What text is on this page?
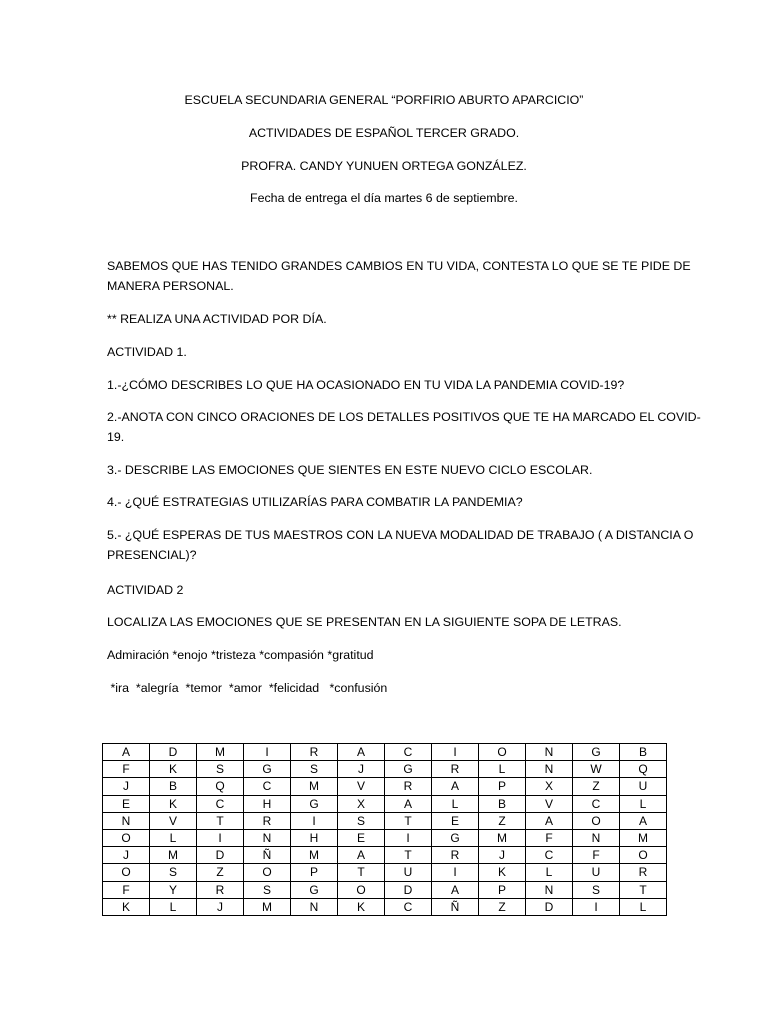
ESCUELA SECUNDARIA GENERAL “PORFIRIO ABURTO APARCICIO”
ACTIVIDADES DE ESPAÑOL TERCER GRADO.
PROFRA. CANDY YUNUEN ORTEGA GONZÁLEZ.
Fecha de entrega el día martes 6 de septiembre.
SABEMOS QUE HAS TENIDO GRANDES CAMBIOS EN TU VIDA, CONTESTA LO QUE SE TE PIDE DE
MANERA PERSONAL.
** REALIZA UNA ACTIVIDAD POR DÍA.
ACTIVIDAD 1.
1.-¿CÓMO DESCRIBES LO QUE HA OCASIONADO EN TU VIDA LA PANDEMIA COVID-19?
2.-ANOTA CON CINCO ORACIONES DE LOS DETALLES POSITIVOS QUE TE HA MARCADO EL COVID-
19.
3.- DESCRIBE LAS EMOCIONES QUE SIENTES EN ESTE NUEVO CICLO ESCOLAR.
4.- ¿QUÉ ESTRATEGIAS UTILIZARÍAS PARA COMBATIR LA PANDEMIA?
5.- ¿QUÉ ESPERAS DE TUS MAESTROS CON LA NUEVA MODALIDAD DE TRABAJO ( A DISTANCIA O
PRESENCIAL)?
ACTIVIDAD 2
LOCALIZA LAS EMOCIONES QUE SE PRESENTAN EN LA SIGUIENTE SOPA DE LETRAS.
Admiración *enojo *tristeza *compasión *gratitud
*ira  *alegría  *temor  *amor  *felicidad   *confusión
A	D	M	I	R	A	C	I	O	N	G	B
F	K	S	G	S	J	G	R	L	N	W	Q
J	B	Q	C	M	V	R	A	P	X	Z	U
E	K	C	H	G	X	A	L	B	V	C	L
N	V	T	R	I	S	T	E	Z	A	O	A
O	L	I	N	H	E	I	G	M	F	N	M
J	M	D	Ñ	M	A	T	R	J	C	F	O
O	S	Z	O	P	T	U	I	K	L	U	R
F	Y	R	S	G	O	D	A	P	N	S	T
K	L	J	M	N	K	C	Ñ	Z	D	I	L
